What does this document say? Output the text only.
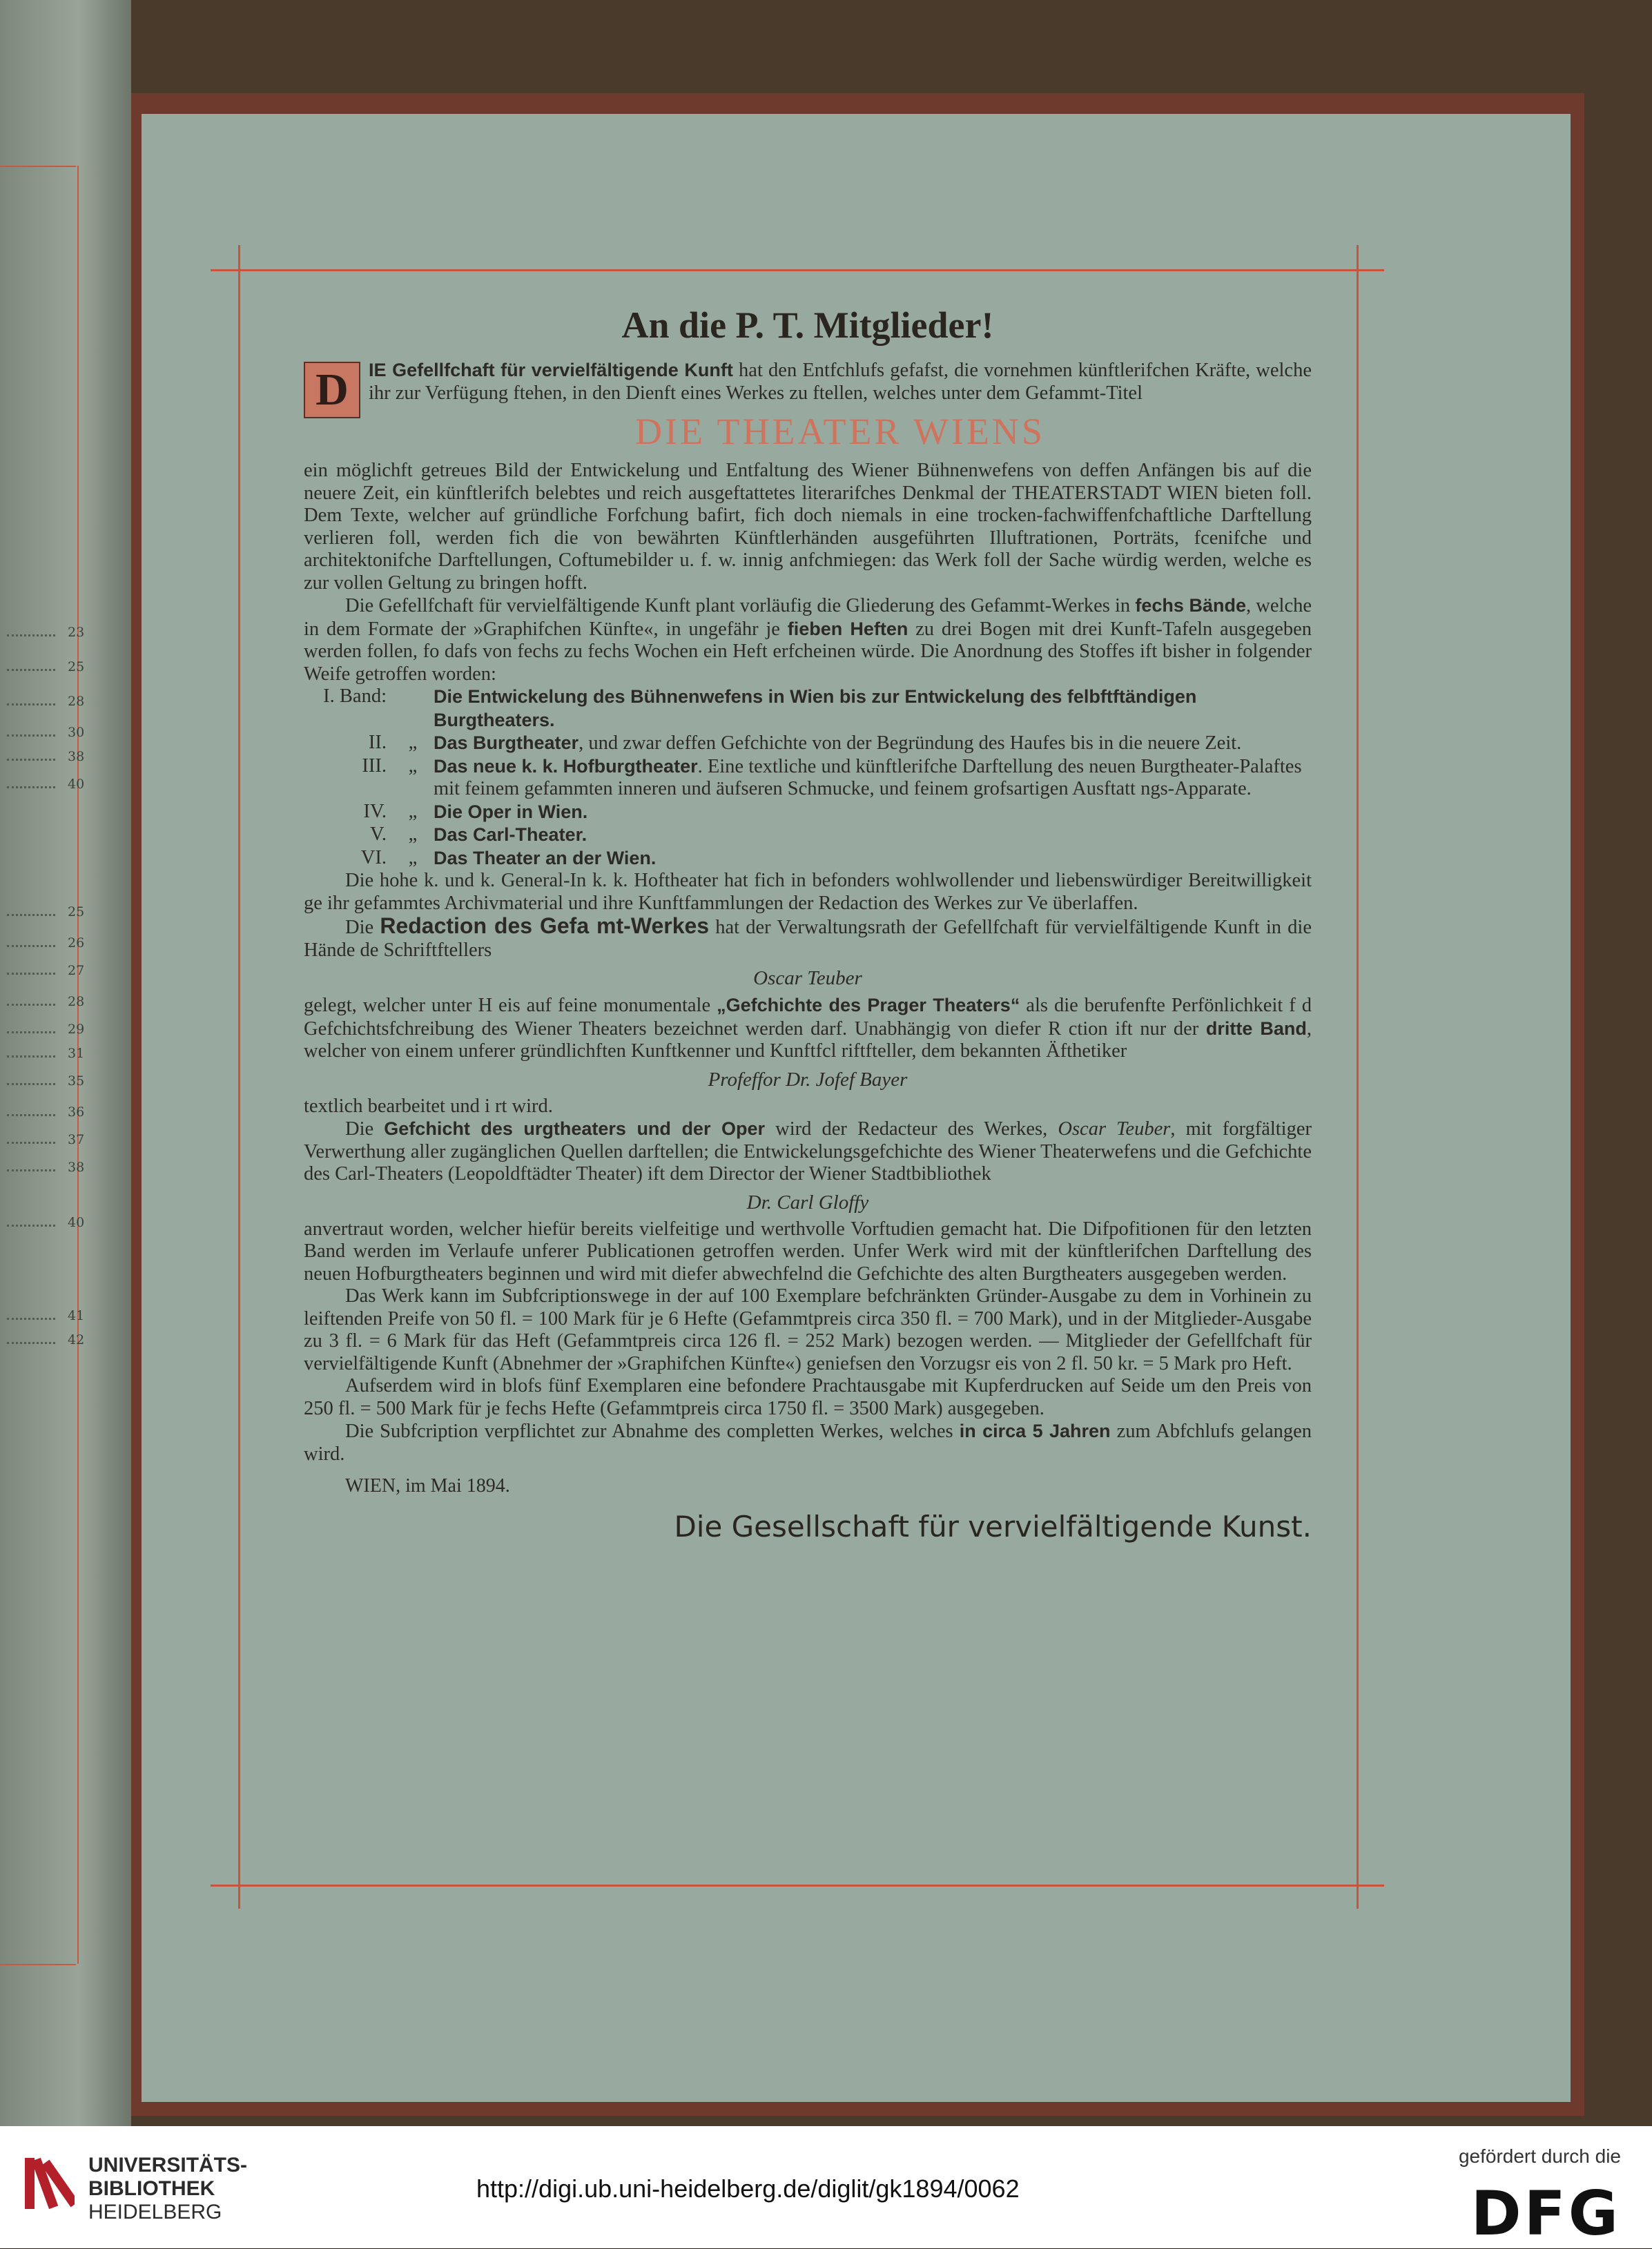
23
25
28
30
38
40
25
26
27
28
29
31
35
36
37
38
40
41
42
An die P. T. Mitglieder!

D	IE Gefellfchaft für vervielfältigende Kunft hat den Entfchlufs gefafst, die vornehmen künftlerifchen Kräfte, welche ihr zur Verfügung ftehen, in den Dienft eines Werkes zu ftellen, welches unter dem Gefammt-Titel

DIE THEATER WIENS

ein möglichft getreues Bild der Entwickelung und Entfaltung des Wiener Bühnenwefens von deffen Anfängen bis auf die neuere Zeit, ein künftlerifch belebtes und reich ausgeftattetes literarifches Denkmal der THEATERSTADT WIEN bieten foll. Dem Texte, welcher auf gründliche Forfchung bafirt, fich doch niemals in eine trocken-fachwiffenfchaftliche Darftellung verlieren foll, werden fich die von bewährten Künftlerhänden ausgeführten Illuftrationen, Porträts, fcenifche und architektonifche Darftellungen, Coftumebilder u. f. w. innig anfchmiegen: das Werk foll der Sache würdig werden, welche es zur vollen Geltung zu bringen hofft.

Die Gefellfchaft für vervielfältigende Kunft plant vorläufig die Gliederung des Gefammt-Werkes in fechs Bände, welche in dem Formate der »Graphifchen Künfte«, in ungefähr je fieben Heften zu drei Bogen mit drei Kunft-Tafeln ausgegeben werden follen, fo dafs von fechs zu fechs Wochen ein Heft erfcheinen würde. Die Anordnung des Stoffes ift bisher in folgender Weife getroffen worden:

I. Band:	Die Entwickelung des Bühnenwefens in Wien bis zur Entwickelung des felbftftändigen Burgtheaters.
II.	„ Das Burgtheater, und zwar deffen Gefchichte von der Begründung des Haufes bis in die neuere Zeit.
III.	„ Das neue k. k. Hofburgtheater. Eine textliche und künftlerifche Darftellung des neuen Burgtheater-Palaftes mit feinem gefammten inneren und äufseren Schmucke, und feinem grofsartigen Ausftatt ngs-Apparate.
IV.	„ Die Oper in Wien.
V.	„ Das Carl-Theater.
VI.	„ Das Theater an der Wien.

Die hohe k. und k. General-In k. k. Hoftheater hat fich in befonders wohlwollender und liebenswürdiger Bereitwilligkeit ge ihr gefammtes Archivmaterial und ihre Kunftfammlungen der Redaction des Werkes zur Ve überlaffen.

Die Redaction des Gefa mt-Werkes hat der Verwaltungsrath der Gefellfchaft für vervielfältigende Kunft in die Hände de Schriftftellers

Oscar Teuber

gelegt, welcher unter H eis auf feine monumentale „Gefchichte des Prager Theaters“ als die berufenfte Perfönlichkeit f d Gefchichtsfchreibung des Wiener Theaters bezeichnet werden darf. Unabhängig von diefer R ction ift nur der dritte Band, welcher von einem unferer gründlichften Kunftkenner und Kunftfcl riftfteller, dem bekannten Äfthetiker

Profeffor Dr. Jofef Bayer

textlich bearbeitet und i rt wird.

Die Gefchicht des urgtheaters und der Oper wird der Redacteur des Werkes, Oscar Teuber, mit forgfältiger Verwerthung aller zugänglichen Quellen darftellen; die Entwickelungsgefchichte des Wiener Theaterwefens und die Gefchichte des Carl-Theaters (Leopoldftädter Theater) ift dem Director der Wiener Stadtbibliothek

Dr. Carl Gloffy

anvertraut worden, welcher hiefür bereits vielfeitige und werthvolle Vorftudien gemacht hat. Die Difpofitionen für den letzten Band werden im Verlaufe unferer Publicationen getroffen werden. Unfer Werk wird mit der künftlerifchen Darftellung des neuen Hofburgtheaters beginnen und wird mit diefer abwechfelnd die Gefchichte des alten Burgtheaters ausgegeben werden.

Das Werk kann im Subfcriptionswege in der auf 100 Exemplare befchränkten Gründer-Ausgabe zu dem in Vorhinein zu leiftenden Preife von 50 fl. = 100 Mark für je 6 Hefte (Gefammtpreis circa 350 fl. = 700 Mark), und in der Mitglieder-Ausgabe zu 3 fl. = 6 Mark für das Heft (Gefammtpreis circa 126 fl. = 252 Mark) bezogen werden. — Mitglieder der Gefellfchaft für vervielfältigende Kunft (Abnehmer der »Graphifchen Künfte«) geniefsen den Vorzugsr eis von 2 fl. 50 kr. = 5 Mark pro Heft.

Aufserdem wird in blofs fünf Exemplaren eine befondere Prachtausgabe mit Kupferdrucken auf Seide um den Preis von 250 fl. = 500 Mark für je fechs Hefte (Gefammtpreis circa 1750 fl. = 3500 Mark) ausgegeben.

Die Subfcription verpflichtet zur Abnahme des completten Werkes, welches in circa 5 Jahren zum Abfchlufs gelangen wird.

WIEN, im Mai 1894.
Die Gesellschaft für vervielfältigende Kunst.
UNIVERSITÄTS-
BIBLIOTHEK
HEIDELBERG
http://digi.ub.uni-heidelberg.de/diglit/gk1894/0062
gefördert durch die
DFG
